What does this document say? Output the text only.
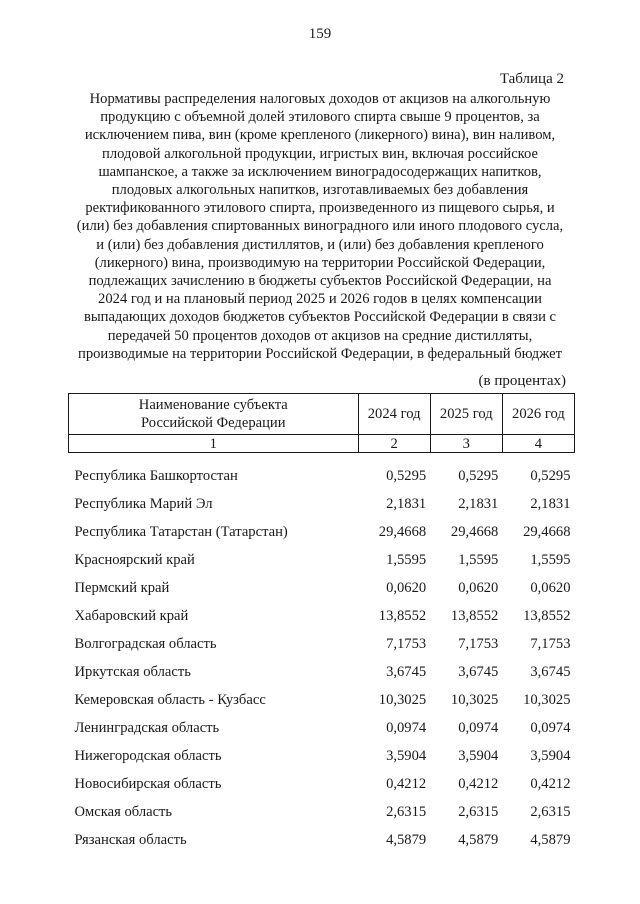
159
Таблица 2
Нормативы распределения налоговых доходов от акцизов на алкогольную
продукцию с объемной долей этилового спирта свыше 9 процентов, за
исключением пива, вин (кроме крепленого (ликерного) вина), вин наливом,
плодовой алкогольной продукции, игристых вин, включая российское
шампанское, а также за исключением виноградосодержащих напитков,
плодовых алкогольных напитков, изготавливаемых без добавления
ректификованного этилового спирта, произведенного из пищевого сырья, и
(или) без добавления спиртованных виноградного или иного плодового сусла,
и (или) без добавления дистиллятов, и (или) без добавления крепленого
(ликерного) вина, производимую на территории Российской Федерации,
подлежащих зачислению в бюджеты субъектов Российской Федерации, на
2024 год и на плановый период 2025 и 2026 годов в целях компенсации
выпадающих доходов бюджетов субъектов Российской Федерации в связи с
передачей 50 процентов доходов от акцизов на средние дистилляты,
производимые на территории Российской Федерации, в федеральный бюджет
(в процентах)
Наименование субъекта
Российской Федерации	2024 год	2025 год	2026 год
1	2	3	4

Республика Башкортостан	0,5295	0,5295	0,5295
Республика Марий Эл	2,1831	2,1831	2,1831
Республика Татарстан (Татарстан)	29,4668	29,4668	29,4668
Красноярский край	1,5595	1,5595	1,5595
Пермский край	0,0620	0,0620	0,0620
Хабаровский край	13,8552	13,8552	13,8552
Волгоградская область	7,1753	7,1753	7,1753
Иркутская область	3,6745	3,6745	3,6745
Кемеровская область - Кузбасс	10,3025	10,3025	10,3025
Ленинградская область	0,0974	0,0974	0,0974
Нижегородская область	3,5904	3,5904	3,5904
Новосибирская область	0,4212	0,4212	0,4212
Омская область	2,6315	2,6315	2,6315
Рязанская область	4,5879	4,5879	4,5879
